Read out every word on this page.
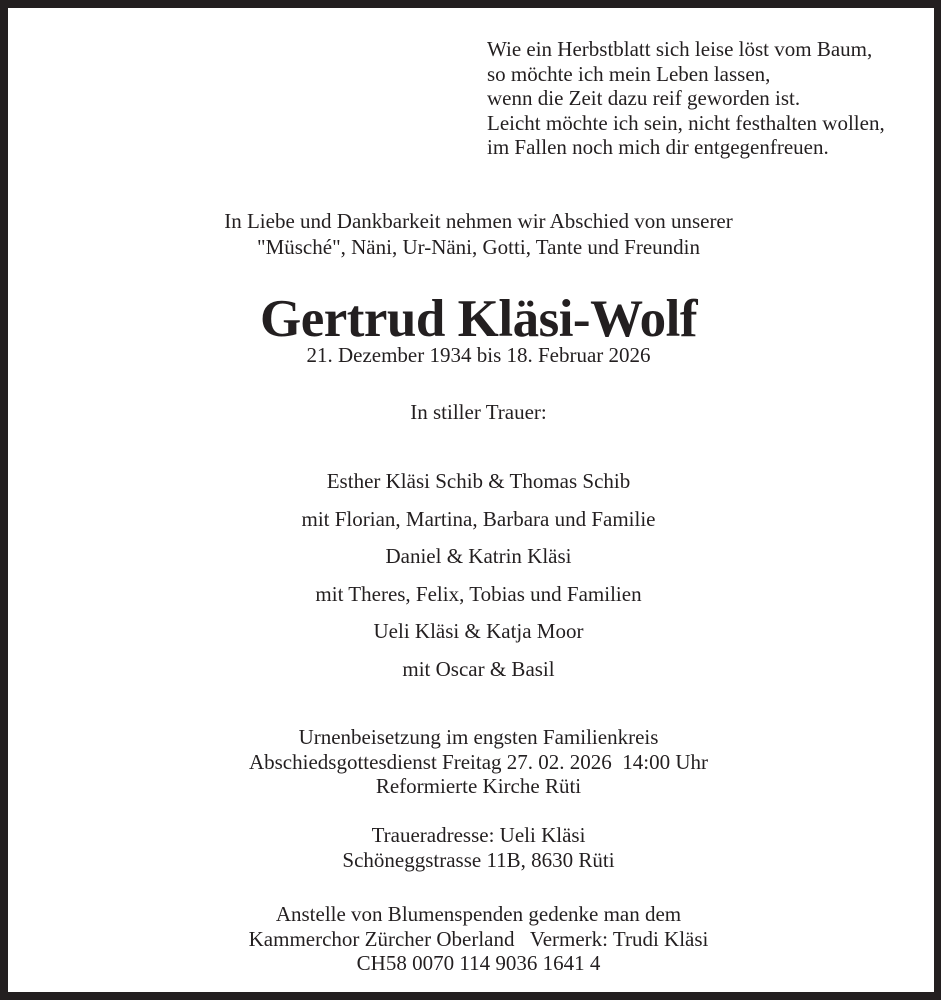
Wie ein Herbstblatt sich leise löst vom Baum,
so möchte ich mein Leben lassen,
wenn die Zeit dazu reif geworden ist.
Leicht möchte ich sein, nicht festhalten wollen,
im Fallen noch mich dir entgegenfreuen.
In Liebe und Dankbarkeit nehmen wir Abschied von unserer
"Müsché", Näni, Ur-Näni, Gotti, Tante und Freundin
Gertrud Kläsi-Wolf
21. Dezember 1934 bis 18. Februar 2026
In stiller Trauer:
Esther Kläsi Schib & Thomas Schib
mit Florian, Martina, Barbara und Familie
Daniel & Katrin Kläsi
mit Theres, Felix, Tobias und Familien
Ueli Kläsi & Katja Moor
mit Oscar & Basil
Urnenbeisetzung im engsten Familienkreis
Abschiedsgottesdienst Freitag 27. 02. 2026  14:00 Uhr
Reformierte Kirche Rüti
Traueradresse: Ueli Kläsi
Schöneggstrasse 11B, 8630 Rüti
Anstelle von Blumenspenden gedenke man dem
Kammerchor Zürcher Oberland   Vermerk: Trudi Kläsi
CH58 0070 114 9036 1641 4
